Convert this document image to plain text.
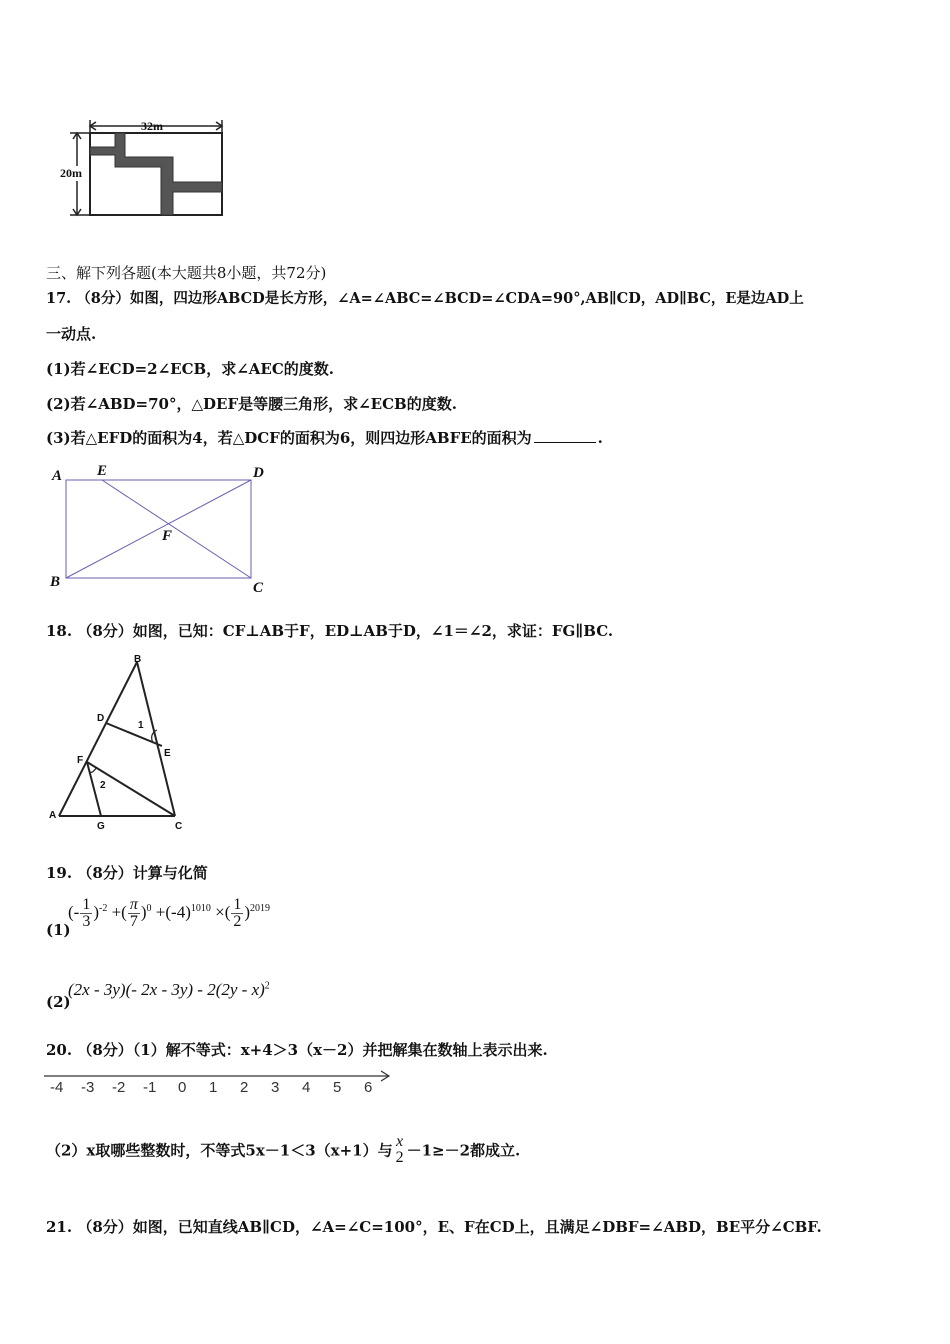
32m
20m
三、解下列各题(本大题共8小题，共72分)
17. （8分）如图，四边形ABCD是长方形，∠A=∠ABC=∠BCD=∠CDA=90°,AB∥CD，AD∥BC，E是边AD上
一动点.
(1)若∠ECD=2∠ECB，求∠AEC的度数.
(2)若∠ABD=70°，△DEF是等腰三角形，求∠ECB的度数.
(3)若△EFD的面积为4，若△DCF的面积为6，则四边形ABFE的面积为	.
A E	D
F
B	C
18. （8分）如图，已知：CF⊥AB于F，ED⊥AB于D，∠1＝∠2，求证：FG∥BC.
B
D
1
E
F
2
A
G	C
19. （8分）计算与化简
(1)
(- $\frac{1}{3} )^{-2}$ +( $\frac{\pi}{7} )^0 +(-4)^{1010}$ ×( $\frac{1}{2} )^{2019}$
(2)
(2x - 3y)(- 2x - 3y) - 2(2y - x)$^2$
20. （8分）（1）解不等式：x+4＞3（x－2）并把解集在数轴上表示出来.
-4 -3 -2 -1 0 1 2 3 4 5 6
（2）x取哪些整数时，不等式5x－1＜3（x+1）与 x
2 －1≥－2都成立.
21. （8分）如图，已知直线AB∥CD，∠A=∠C=100°，E、F在CD上，且满足∠DBF=∠ABD，BE平分∠CBF.
